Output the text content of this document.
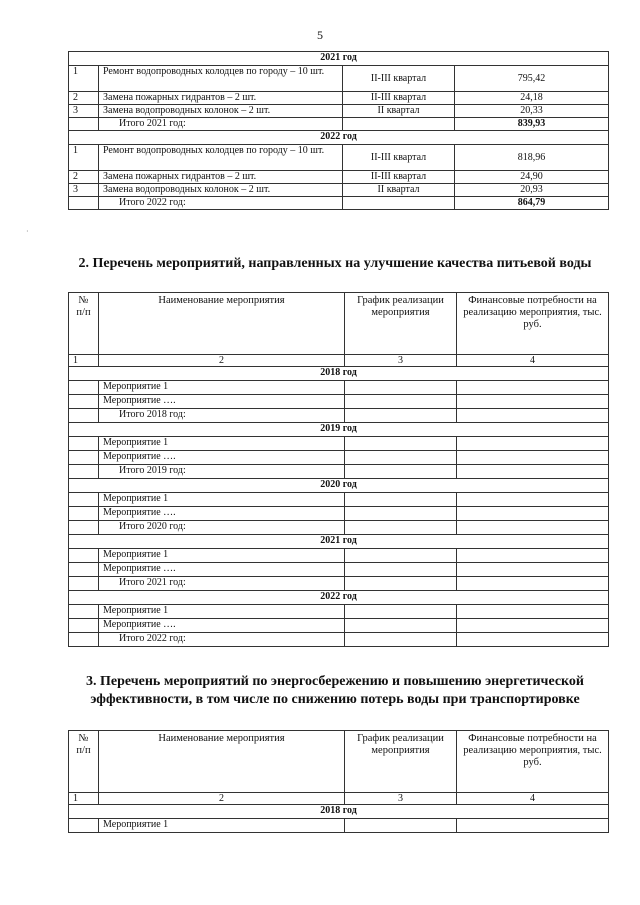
5
·
2021 год			
1	Ремонт водопроводных колодцев по городу – 10 шт.	II-III квартал	795,42
2	Замена пожарных гидрантов – 2 шт.	II-III квартал	24,18
3	Замена водопроводных колонок – 2 шт.	II квартал	20,33
	Итого 2021 год:		839,93
2022 год			
1	Ремонт водопроводных колодцев по городу – 10 шт.	II-III квартал	818,96
2	Замена пожарных гидрантов – 2 шт.	II-III квартал	24,90
3	Замена водопроводных колонок – 2 шт.	II квартал	20,93
	Итого 2022 год:		864,79
2. Перечень мероприятий, направленных на улучшение качества питьевой воды
№ п/п	Наименование мероприятия	График реализации мероприятия	Финансовые потребности на реализацию мероприятия, тыс. руб.
1	2	3	4
2018 год			
	Мероприятие 1		
	Мероприятие ….		
	Итого 2018 год:		
2019 год			
	Мероприятие 1		
	Мероприятие ….		
	Итого 2019 год:		
2020 год			
	Мероприятие 1		
	Мероприятие ….		
	Итого 2020 год:		
2021 год			
	Мероприятие 1		
	Мероприятие ….		
	Итого 2021 год:		
2022 год			
	Мероприятие 1		
	Мероприятие ….		
	Итого 2022 год:		
3. Перечень мероприятий по энергосбережению и повышению энергетической эффективности, в том числе по снижению потерь воды при транспортировке
№ п/п	Наименование мероприятия	График реализации мероприятия	Финансовые потребности на реализацию мероприятия, тыс. руб.
1	2	3	4
2018 год			
	Мероприятие 1		
